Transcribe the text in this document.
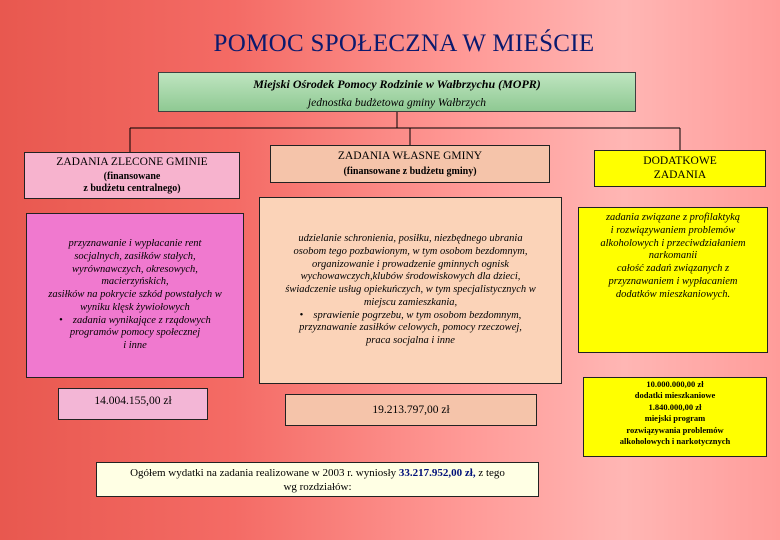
POMOC SPOŁECZNA W MIEŚCIE
Miejski Ośrodek Pomocy Rodzinie w Wałbrzychu (MOPR)
jednostka budżetowa gminy Wałbrzych
ZADANIA ZLECONE GMINIE
(finansowane
z budżetu centralnego)
przyznawanie i wypłacanie rent
socjalnych, zasiłków stałych,
wyrównawczych, okresowych,
macierzyńskich,
zasiłków na pokrycie szkód powstałych w
wyniku klęsk żywiołowych
• zadania wynikające z rządowych
programów pomocy społecznej
i inne
14.004.155,00 zł
ZADANIA WŁASNE GMINY
(finansowane z budżetu gminy)
udzielanie schronienia, posiłku, niezbędnego ubrania
osobom tego pozbawionym, w tym osobom bezdomnym,
organizowanie i prowadzenie gminnych ognisk
wychowawczych,klubów środowiskowych dla dzieci,
świadczenie usług opiekuńczych, w tym specjalistycznych w
miejscu zamieszkania,
• sprawienie pogrzebu, w tym osobom bezdomnym,
przyznawanie zasiłków celowych, pomocy rzeczowej,
praca socjalna i inne
19.213.797,00 zł
DODATKOWE
ZADANIA
zadania związane z profilaktyką
i rozwiązywaniem problemów
alkoholowych i przeciwdziałaniem
narkomanii
całość zadań związanych z
przyznawaniem i wypłacaniem
dodatków mieszkaniowych.
10.000.000,00 zł
dodatki mieszkaniowe
1.840.000,00 zł
miejski program
rozwiązywania problemów
alkoholowych i narkotycznych
Ogółem wydatki na zadania realizowane w 2003 r. wyniosły 33.217.952,00 zł, z tego
wg rozdziałów:
